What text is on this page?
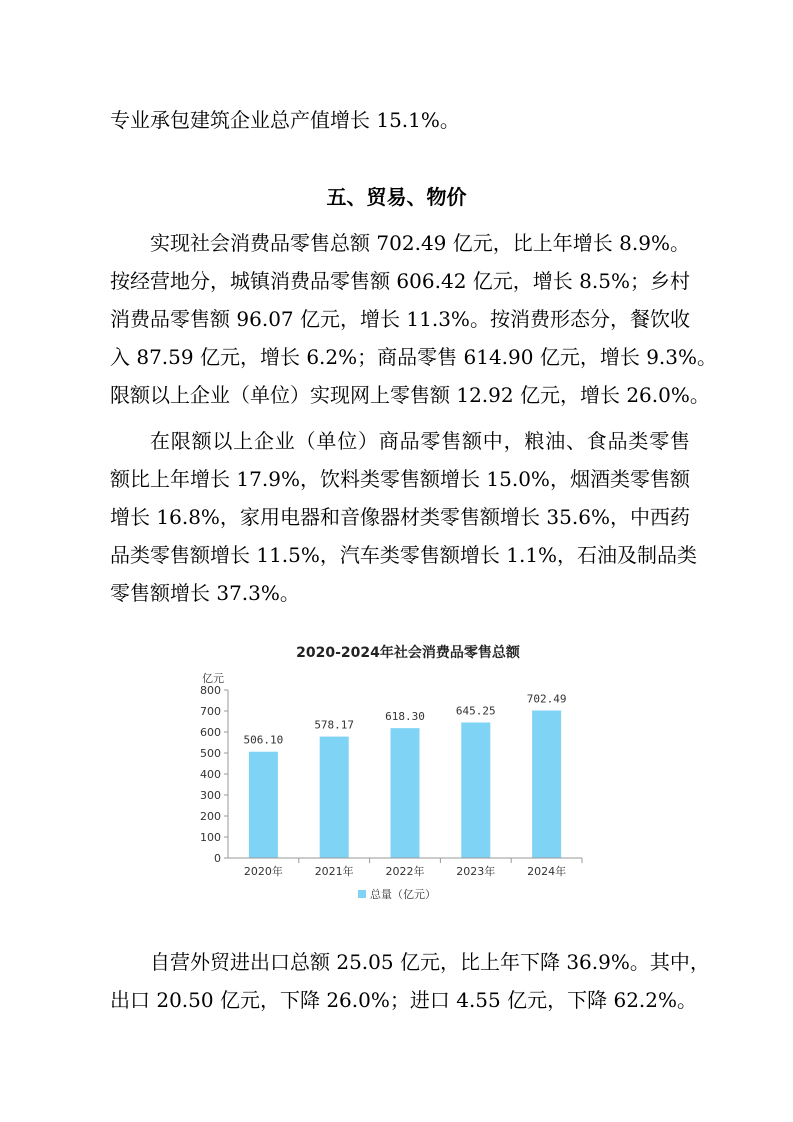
专业承包建筑企业总产值增长 15.1%。
五、贸易、物价
实现社会消费品零售总额 702.49 亿元，比上年增长 8.9%。
按经营地分，城镇消费品零售额 606.42 亿元，增长 8.5%；乡村
消费品零售额 96.07 亿元，增长 11.3%。按消费形态分，餐饮收
入 87.59 亿元，增长 6.2%；商品零售 614.90 亿元，增长 9.3%。
限额以上企业（单位）实现网上零售额 12.92 亿元，增长 26.0%。
在限额以上企业（单位）商品零售额中，粮油、食品类零售
额比上年增长 17.9%，饮料类零售额增长 15.0%，烟酒类零售额
增长 16.8%，家用电器和音像器材类零售额增长 35.6%，中西药
品类零售额增长 11.5%，汽车类零售额增长 1.1%，石油及制品类
零售额增长 37.3%。
2020-2024年社会消费品零售总额
亿元
0
100
200
300
400
500
600
700
800
506.10
578.17
618.30	645.25
702.49
2020年	2021年	2022年	2023年	2024年
总量（亿元）
自营外贸进出口总额 25.05 亿元，比上年下降 36.9%。其中，
出口 20.50 亿元，下降 26.0%；进口 4.55 亿元，下降 62.2%。
